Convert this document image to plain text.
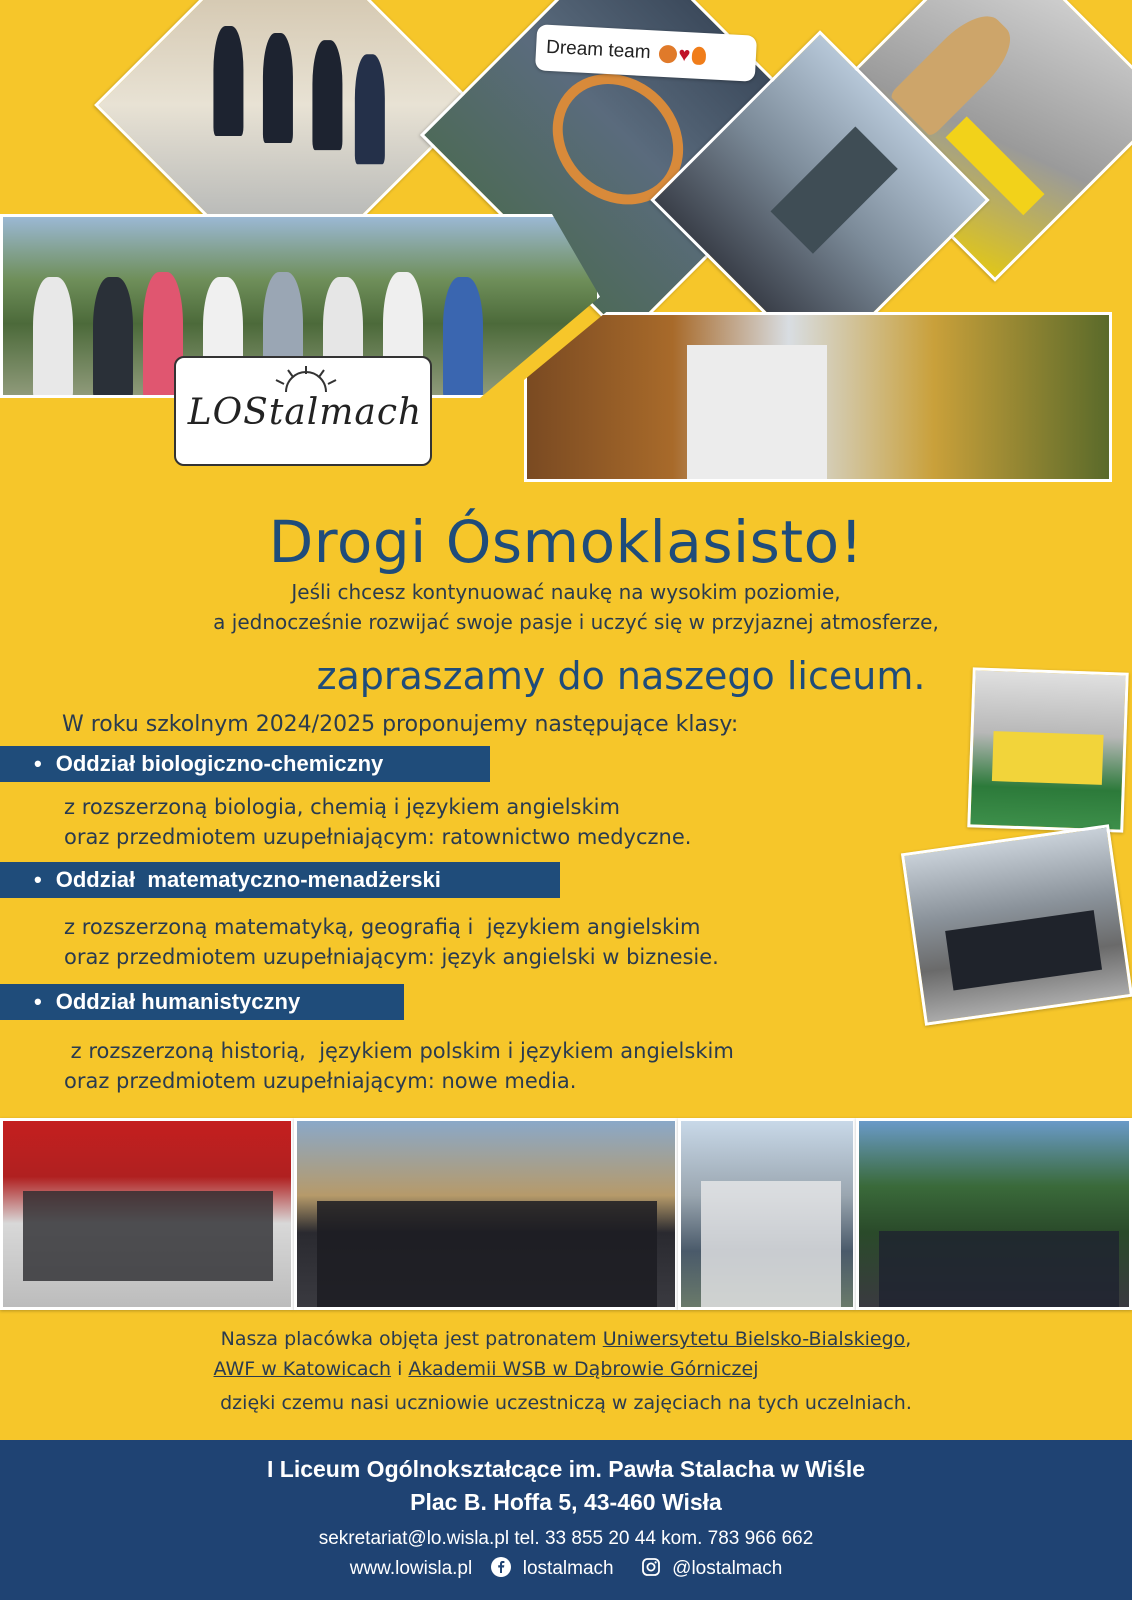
Dream team ♥
LOStalmach
Drogi Ósmoklasisto!
Jeśli chcesz kontynuować naukę na wysokim poziomie,
a jednocześnie rozwijać swoje pasje i uczyć się w przyjaznej atmosferze,
zapraszamy do naszego liceum.
W roku szkolnym 2024/2025 proponujemy następujące klasy:
• Oddział biologiczno-chemiczny
z rozszerzoną biologia, chemią i językiem angielskim
oraz przedmiotem uzupełniającym: ratownictwo medyczne.
• Oddział  matematyczno-menadżerski
z rozszerzoną matematyką, geografią i  językiem angielskim
oraz przedmiotem uzupełniającym: język angielski w biznesie.
• Oddział humanistyczny
z rozszerzoną historią,  językiem polskim i językiem angielskim
oraz przedmiotem uzupełniającym: nowe media.
Nasza placówka objęta jest patronatem Uniwersytetu Bielsko-Bialskiego,
AWF w Katowicach i Akademii WSB w Dąbrowie Górniczej
dzięki czemu nasi uczniowie uczestniczą w zajęciach na tych uczelniach.
I Liceum Ogólnokształcące im. Pawła Stalacha w Wiśle
Plac B. Hoffa 5, 43-460 Wisła
sekretariat@lo.wisla.pl tel. 33 855 20 44 kom. 783 966 662
www.lowisla.pl	lostalmach	@lostalmach
